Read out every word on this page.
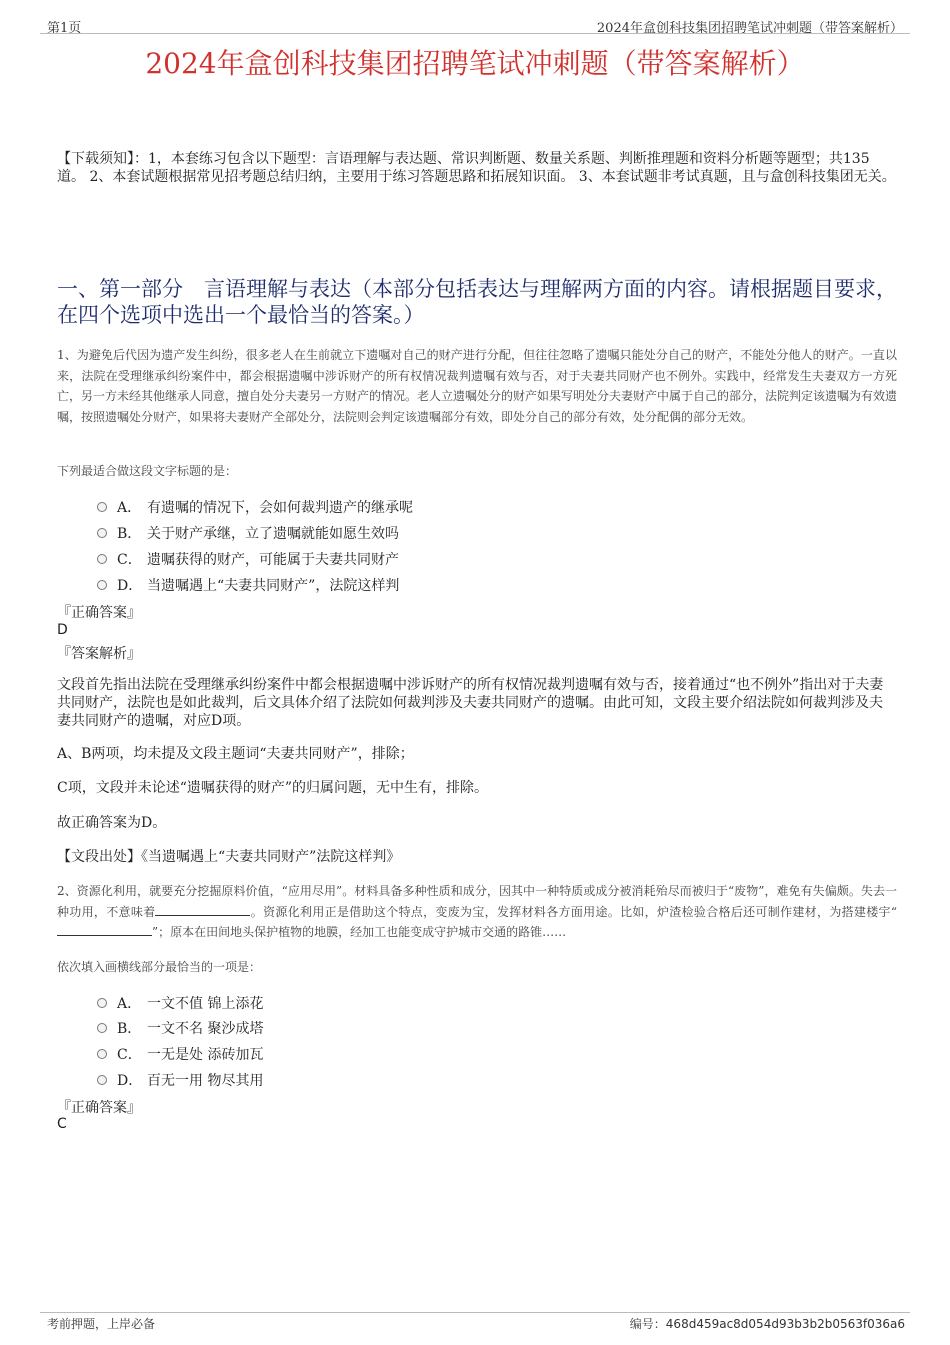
第1页	2024年盒创科技集团招聘笔试冲刺题（带答案解析）
2024年盒创科技集团招聘笔试冲刺题（带答案解析）
【下载须知】：1，本套练习包含以下题型：言语理解与表达题、常识判断题、数量关系题、判断推理题和资料分析题等题型；共135道。 2、本套试题根据常见招考题总结归纳，主要用于练习答题思路和拓展知识面。 3、本套试题非考试真题，且与盒创科技集团无关。
一、第一部分　言语理解与表达（本部分包括表达与理解两方面的内容。请根据题目要求，在四个选项中选出一个最恰当的答案。）
1、为避免后代因为遗产发生纠纷，很多老人在生前就立下遗嘱对自己的财产进行分配，但往往忽略了遗嘱只能处分自己的财产，不能处分他人的财产。一直以来，法院在受理继承纠纷案件中，都会根据遗嘱中涉诉财产的所有权情况裁判遗嘱有效与否，对于夫妻共同财产也不例外。实践中，经常发生夫妻双方一方死亡，另一方未经其他继承人同意，擅自处分夫妻另一方财产的情况。老人立遗嘱处分的财产如果写明处分夫妻财产中属于自己的部分，法院判定该遗嘱为有效遗嘱，按照遗嘱处分财产，如果将夫妻财产全部处分，法院则会判定该遗嘱部分有效，即处分自己的部分有效，处分配偶的部分无效。
下列最适合做这段文字标题的是：
A． 有遗嘱的情况下，会如何裁判遗产的继承呢
B． 关于财产承继，立了遗嘱就能如愿生效吗
C． 遗嘱获得的财产，可能属于夫妻共同财产
D． 当遗嘱遇上“夫妻共同财产”，法院这样判
『正确答案』
D
『答案解析』
文段首先指出法院在受理继承纠纷案件中都会根据遗嘱中涉诉财产的所有权情况裁判遗嘱有效与否，接着通过“也不例外”指出对于夫妻共同财产，法院也是如此裁判，后文具体介绍了法院如何裁判涉及夫妻共同财产的遗嘱。由此可知，文段主要介绍法院如何裁判涉及夫妻共同财产的遗嘱，对应D项。
A、B两项，均未提及文段主题词“夫妻共同财产”，排除；
C项，文段并未论述“遗嘱获得的财产”的归属问题，无中生有，排除。
故正确答案为D。
【文段出处】《当遗嘱遇上“夫妻共同财产”法院这样判》
2、资源化利用，就要充分挖掘原料价值，“应用尽用”。材料具备多种性质和成分，因其中一种特质或成分被消耗殆尽而被归于“废物”，难免有失偏颇。失去一种功用，不意味着	。资源化利用正是借助这个特点，变废为宝，发挥材料各方面用途。比如，炉渣检验合格后还可制作建材，为搭建楼宇“”；原本在田间地头保护植物的地膜，经加工也能变成守护城市交通的路锥……
依次填入画横线部分最恰当的一项是：
A． 一文不值 锦上添花
B． 一文不名 聚沙成塔
C． 一无是处 添砖加瓦
D． 百无一用 物尽其用
『正确答案』
C
考前押题，上岸必备	编号：468d459ac8d054d93b3b2b0563f036a6
